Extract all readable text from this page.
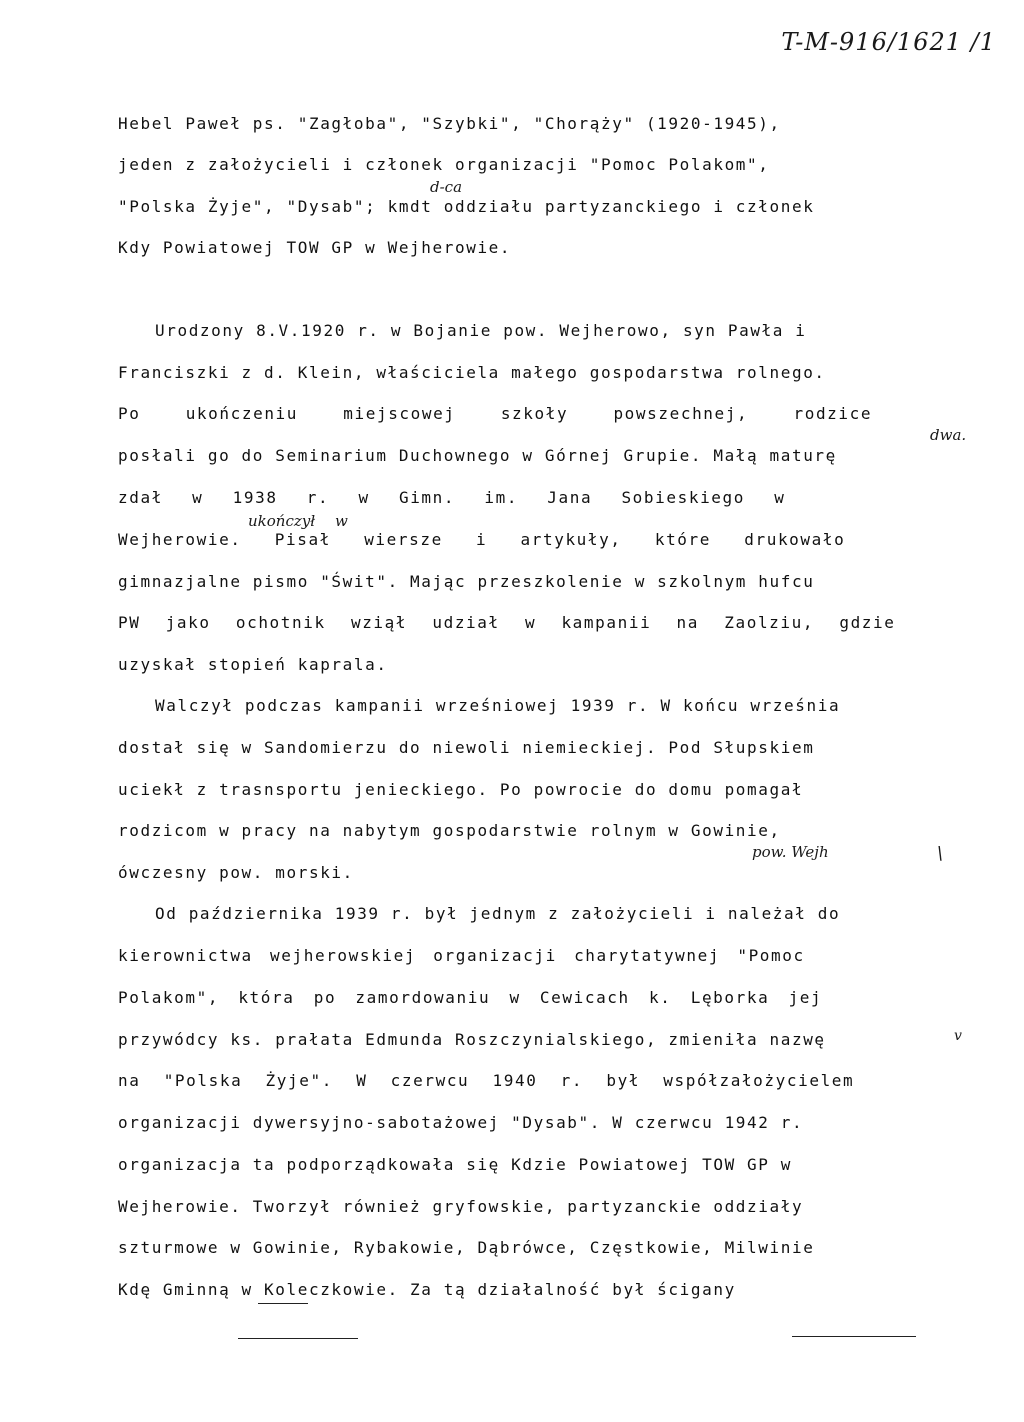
T-M-916/1621 /1
Hebel Paweł ps. "Zagłoba", "Szybki", "Chorąży" (1920-1945),
jeden z założycieli i członek organizacji "Pomoc Polakom",
"Polska Żyje", "Dysab"; kmdt oddziału partyzanckiego i członek
Kdy Powiatowej TOW GP w Wejherowie.
Urodzony 8.V.1920 r. w Bojanie pow. Wejherowo, syn Pawła i
Franciszki z d. Klein, właściciela małego gospodarstwa rolnego.
Po ukończeniu miejscowej szkoły powszechnej, rodzice
posłali go do Seminarium Duchownego w Górnej Grupie. Małą maturę
zdał w 1938 r. w Gimn. im. Jana Sobieskiego w
Wejherowie. Pisał wiersze i artykuły, które drukowało
gimnazjalne pismo "Świt". Mając przeszkolenie w szkolnym hufcu
PW jako ochotnik wziął udział w kampanii na Zaolziu, gdzie
uzyskał stopień kaprala.
Walczył podczas kampanii wrześniowej 1939 r. W końcu września
dostał się w Sandomierzu do niewoli niemieckiej. Pod Słupskiem
uciekł z trasnsportu jenieckiego. Po powrocie do domu pomagał
rodzicom w pracy na nabytym gospodarstwie rolnym w Gowinie,
ówczesny pow. morski.
Od października 1939 r. był jednym z założycieli i należał do
kierownictwa wejherowskiej organizacji charytatywnej "Pomoc
Polakom", która po zamordowaniu w Cewicach k. Lęborka jej
przywódcy ks. prałata Edmunda Roszczynialskiego, zmieniła nazwę
na "Polska Żyje". W czerwcu 1940 r. był współzałożycielem
organizacji dywersyjno-sabotażowej "Dysab". W czerwcu 1942 r.
organizacja ta podporządkowała się Kdzie Powiatowej TOW GP w
Wejherowie. Tworzył również gryfowskie, partyzanckie oddziały
szturmowe w Gowinie, Rybakowie, Dąbrówce, Częstkowie, Milwinie
Kdę Gminną w Koleczkowie. Za tą działalność był ścigany
d-ca
dwa.
ukończył w
pow. Wejh	\
v
